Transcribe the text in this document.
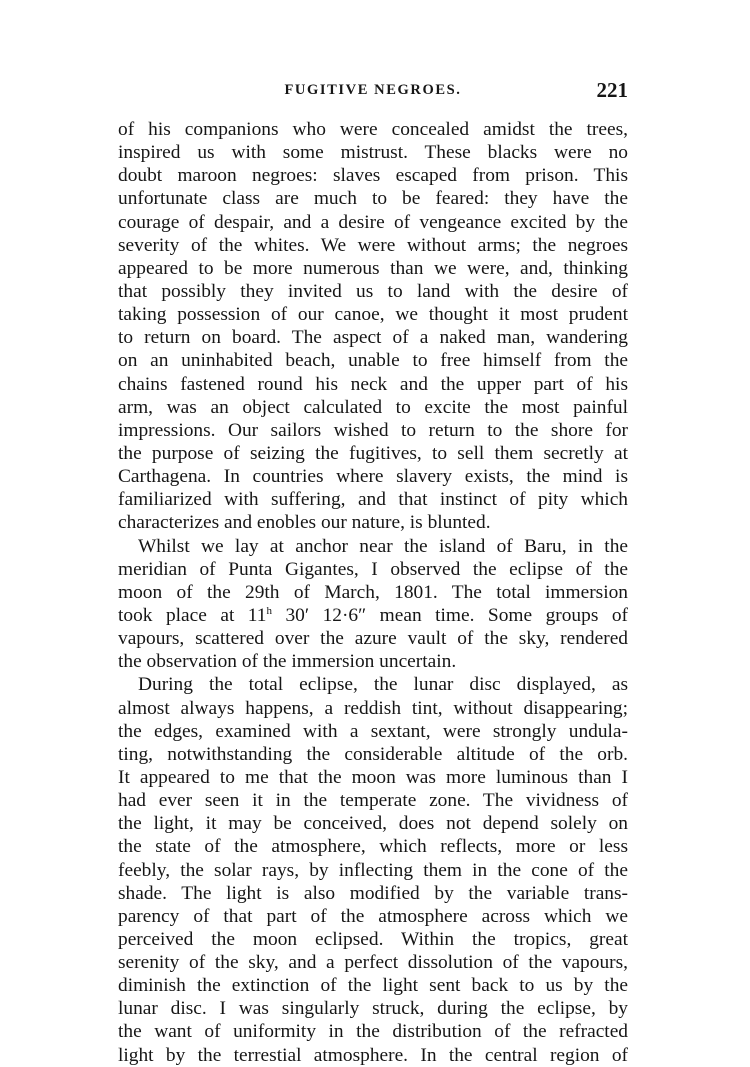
FUGITIVE NEGROES.	221
of his companions who were concealed amidst the trees,
inspired us with some mistrust. These blacks were no
doubt maroon negroes: slaves escaped from prison. This
unfortunate class are much to be feared: they have the
courage of despair, and a desire of vengeance excited by the
severity of the whites. We were without arms; the negroes
appeared to be more numerous than we were, and, thinking
that possibly they invited us to land with the desire of
taking possession of our canoe, we thought it most prudent
to return on board. The aspect of a naked man, wandering
on an uninhabited beach, unable to free himself from the
chains fastened round his neck and the upper part of his
arm, was an object calculated to excite the most painful
impressions. Our sailors wished to return to the shore for
the purpose of seizing the fugitives, to sell them secretly at
Carthagena. In countries where slavery exists, the mind is
familiarized with suffering, and that instinct of pity which
characterizes and enobles our nature, is blunted.
Whilst we lay at anchor near the island of Baru, in the
meridian of Punta Gigantes, I observed the eclipse of the
moon of the 29th of March, 1801. The total immersion
took place at 11$^h$ 30′ 12·6″ mean time. Some groups of
vapours, scattered over the azure vault of the sky, rendered
the observation of the immersion uncertain.
During the total eclipse, the lunar disc displayed, as
almost always happens, a reddish tint, without disappearing;
the edges, examined with a sextant, were strongly undula-
ting, notwithstanding the considerable altitude of the orb.
It appeared to me that the moon was more luminous than I
had ever seen it in the temperate zone. The vividness of
the light, it may be conceived, does not depend solely on
the state of the atmosphere, which reflects, more or less
feebly, the solar rays, by inflecting them in the cone of the
shade. The light is also modified by the variable trans-
parency of that part of the atmosphere across which we
perceived the moon eclipsed. Within the tropics, great
serenity of the sky, and a perfect dissolution of the vapours,
diminish the extinction of the light sent back to us by the
lunar disc. I was singularly struck, during the eclipse, by
the want of uniformity in the distribution of the refracted
light by the terrestial atmosphere. In the central region of
